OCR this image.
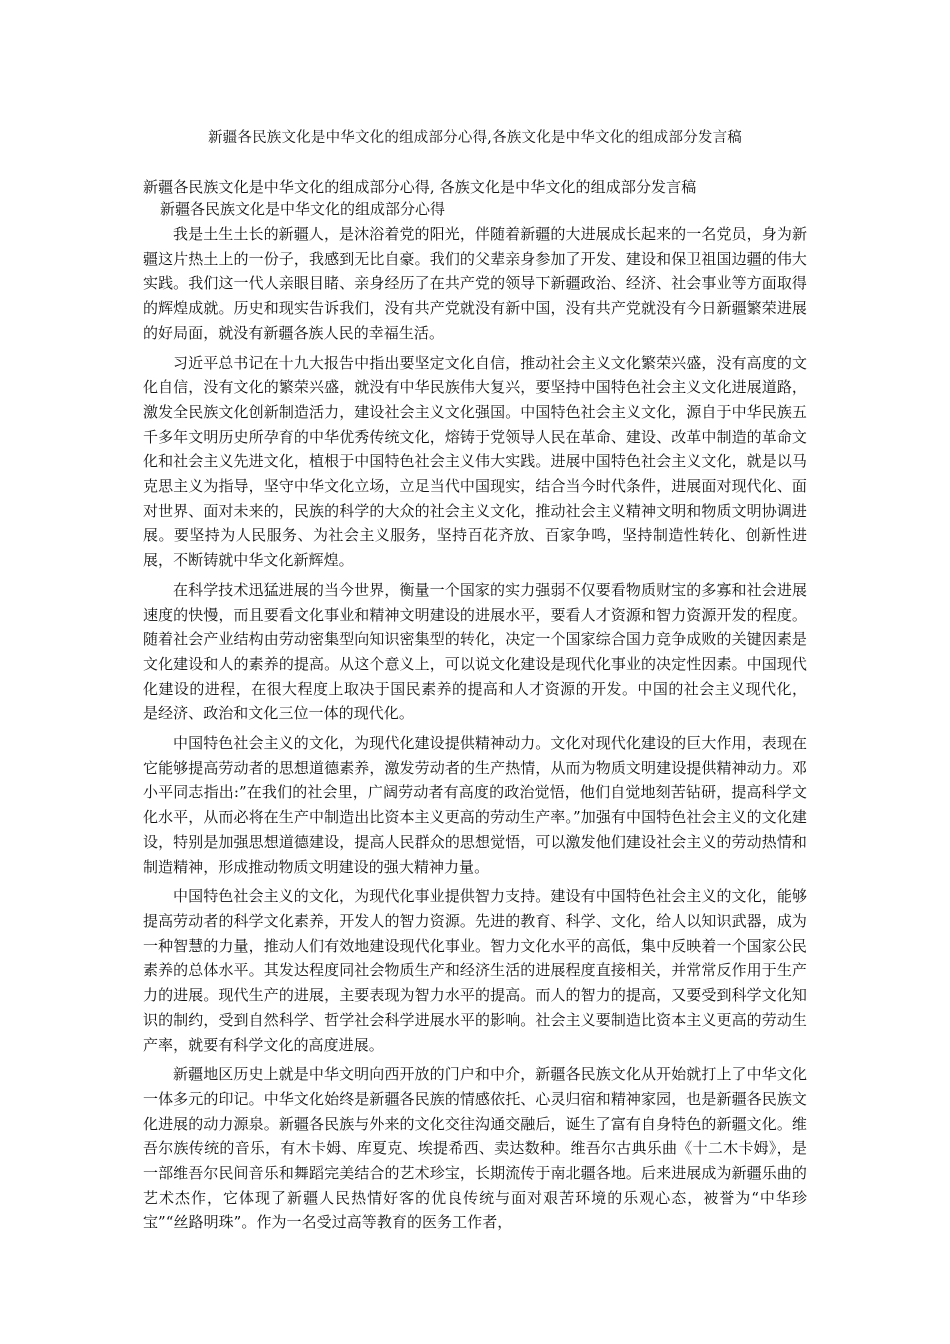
新疆各民族文化是中华文化的组成部分心得,各族文化是中华文化的组成部分发言稿
新疆各民族文化是中华文化的组成部分心得, 各族文化是中华文化的组成部分发言稿
新疆各民族文化是中华文化的组成部分心得

我是土生土长的新疆人，是沐浴着党的阳光，伴随着新疆的大进展成长起来的一名党员，身为新疆这片热土上的一份子，我感到无比自豪。我们的父辈亲身参加了开发、建设和保卫祖国边疆的伟大实践。我们这一代人亲眼目睹、亲身经历了在共产党的领导下新疆政治、经济、社会事业等方面取得的辉煌成就。历史和现实告诉我们，没有共产党就没有新中国，没有共产党就没有今日新疆繁荣进展的好局面，就没有新疆各族人民的幸福生活。

习近平总书记在十九大报告中指出要坚定文化自信，推动社会主义文化繁荣兴盛，没有高度的文化自信，没有文化的繁荣兴盛，就没有中华民族伟大复兴，要坚持中国特色社会主义文化进展道路，激发全民族文化创新制造活力，建设社会主义文化强国。中国特色社会主义文化，源自于中华民族五千多年文明历史所孕育的中华优秀传统文化，熔铸于党领导人民在革命、建设、改革中制造的革命文化和社会主义先进文化，植根于中国特色社会主义伟大实践。进展中国特色社会主义文化，就是以马克思主义为指导，坚守中华文化立场，立足当代中国现实，结合当今时代条件，进展面对现代化、面对世界、面对未来的，民族的科学的大众的社会主义文化，推动社会主义精神文明和物质文明协调进展。要坚持为人民服务、为社会主义服务，坚持百花齐放、百家争鸣，坚持制造性转化、创新性进展，不断铸就中华文化新辉煌。

在科学技术迅猛进展的当今世界，衡量一个国家的实力强弱不仅要看物质财宝的多寡和社会进展速度的快慢，而且要看文化事业和精神文明建设的进展水平，要看人才资源和智力资源开发的程度。随着社会产业结构由劳动密集型向知识密集型的转化，决定一个国家综合国力竞争成败的关键因素是文化建设和人的素养的提高。从这个意义上，可以说文化建设是现代化事业的决定性因素。中国现代化建设的进程，在很大程度上取决于国民素养的提高和人才资源的开发。中国的社会主义现代化， 是经济、政治和文化三位一体的现代化。

中国特色社会主义的文化，为现代化建设提供精神动力。文化对现代化建设的巨大作用，表现在它能够提高劳动者的思想道德素养，激发劳动者的生产热情，从而为物质文明建设提供精神动力。邓小平同志指出:”在我们的社会里，广阔劳动者有高度的政治觉悟，他们自觉地刻苦钻研，提高科学文化水平，从而必将在生产中制造出比资本主义更高的劳动生产率。”加强有中国特色社会主义的文化建设，特别是加强思想道德建设，提高人民群众的思想觉悟，可以激发他们建设社会主义的劳动热情和制造精神，形成推动物质文明建设的强大精神力量。

中国特色社会主义的文化，为现代化事业提供智力支持。建设有中国特色社会主义的文化，能够提高劳动者的科学文化素养，开发人的智力资源。先进的教育、科学、文化，给人以知识武器，成为一种智慧的力量，推动人们有效地建设现代化事业。智力文化水平的高低，集中反映着一个国家公民素养的总体水平。其发达程度同社会物质生产和经济生活的进展程度直接相关，并常常反作用于生产力的进展。现代生产的进展，主要表现为智力水平的提高。而人的智力的提高，又要受到科学文化知识的制约，受到自然科学、哲学社会科学进展水平的影响。社会主义要制造比资本主义更高的劳动生产率，就要有科学文化的高度进展。

新疆地区历史上就是中华文明向西开放的门户和中介，新疆各民族文化从开始就打上了中华文化一体多元的印记。中华文化始终是新疆各民族的情感依托、心灵归宿和精神家园，也是新疆各民族文化进展的动力源泉。新疆各民族与外来的文化交往沟通交融后，诞生了富有自身特色的新疆文化。维吾尔族传统的音乐，有木卡姆、库夏克、埃提希西、卖达数种。维吾尔古典乐曲《十二木卡姆》，是一部维吾尔民间音乐和舞蹈完美结合的艺术珍宝，长期流传于南北疆各地。后来进展成为新疆乐曲的艺术杰作，它体现了新疆人民热情好客的优良传统与面对艰苦环境的乐观心态，被誉为“中华珍宝”“丝路明珠”。作为一名受过高等教育的医务工作者，
